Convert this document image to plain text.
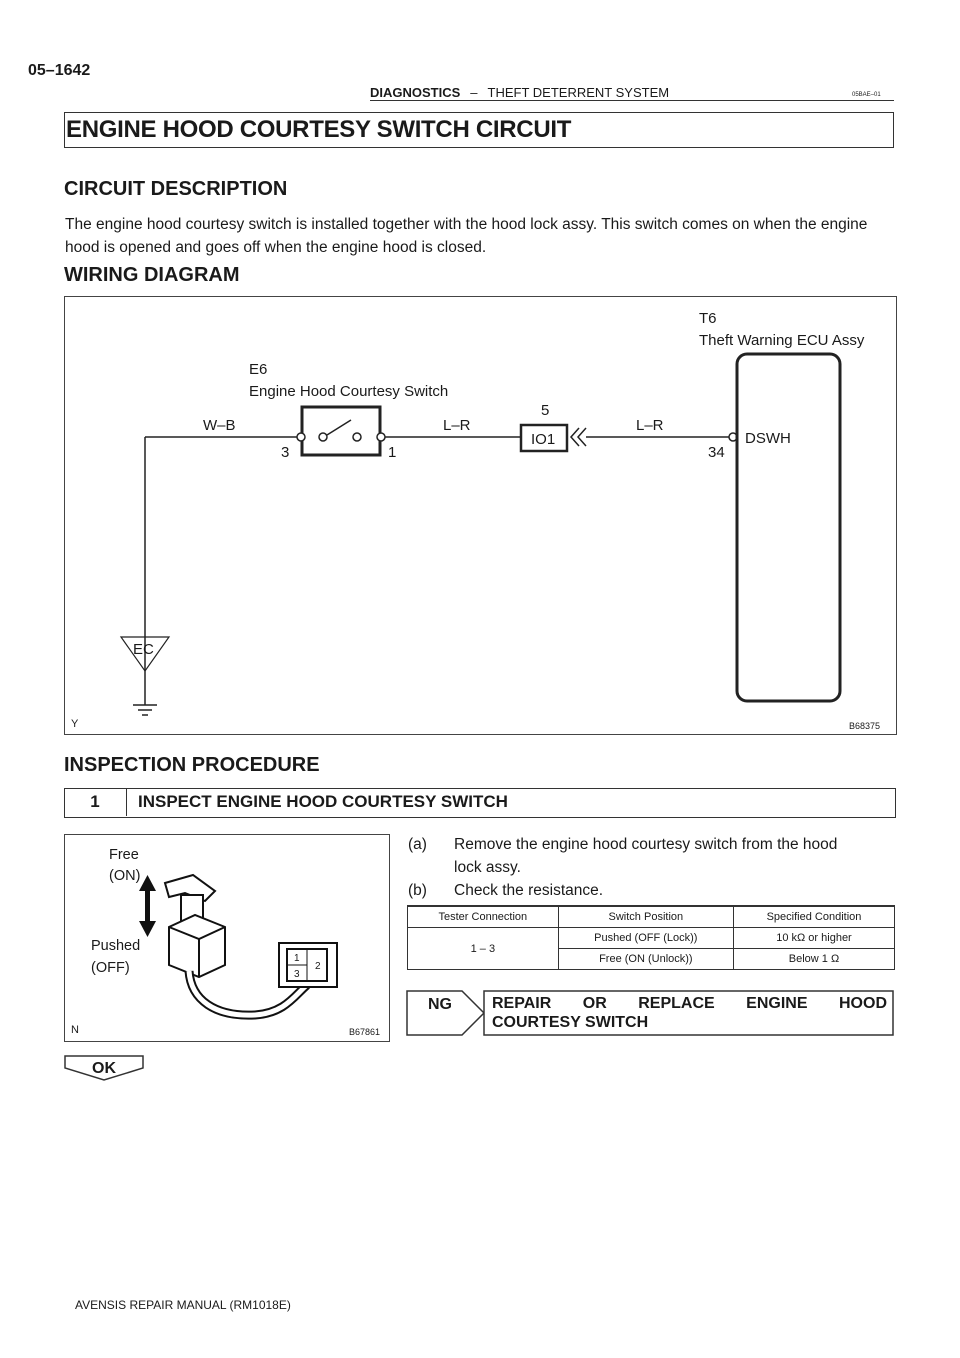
05–1642
DIAGNOSTICS – THEFT DETERRENT SYSTEM	05BAE–01
ENGINE HOOD COURTESY SWITCH CIRCUIT
CIRCUIT DESCRIPTION
The engine hood courtesy switch is installed together with the hood lock assy. This switch comes on when the engine hood is opened and goes off when the engine hood is closed.
WIRING DIAGRAM
T6
Theft Warning ECU Assy
E6
Engine Hood Courtesy Switch
W–B	L–R	L–R
3	1
5
IO1
34
DSWH
EC
Y	B68375
INSPECTION PROCEDURE
1	INSPECT ENGINE HOOD COURTESY SWITCH
Free
(ON)
Pushed
(OFF)
1
2
3
N	B67861
(a) Remove the engine hood courtesy switch from the hood
lock assy.
(b) Check the resistance.
Tester Connection	Switch Position	Specified Condition
1 – 3	Pushed (OFF (Lock))	10 kΩ or higher
	Free (ON (Unlock))	Below 1 Ω
NG	REPAIR OR REPLACE ENGINE HOOD
COURTESY SWITCH
OK
AVENSIS REPAIR MANUAL (RM1018E)
